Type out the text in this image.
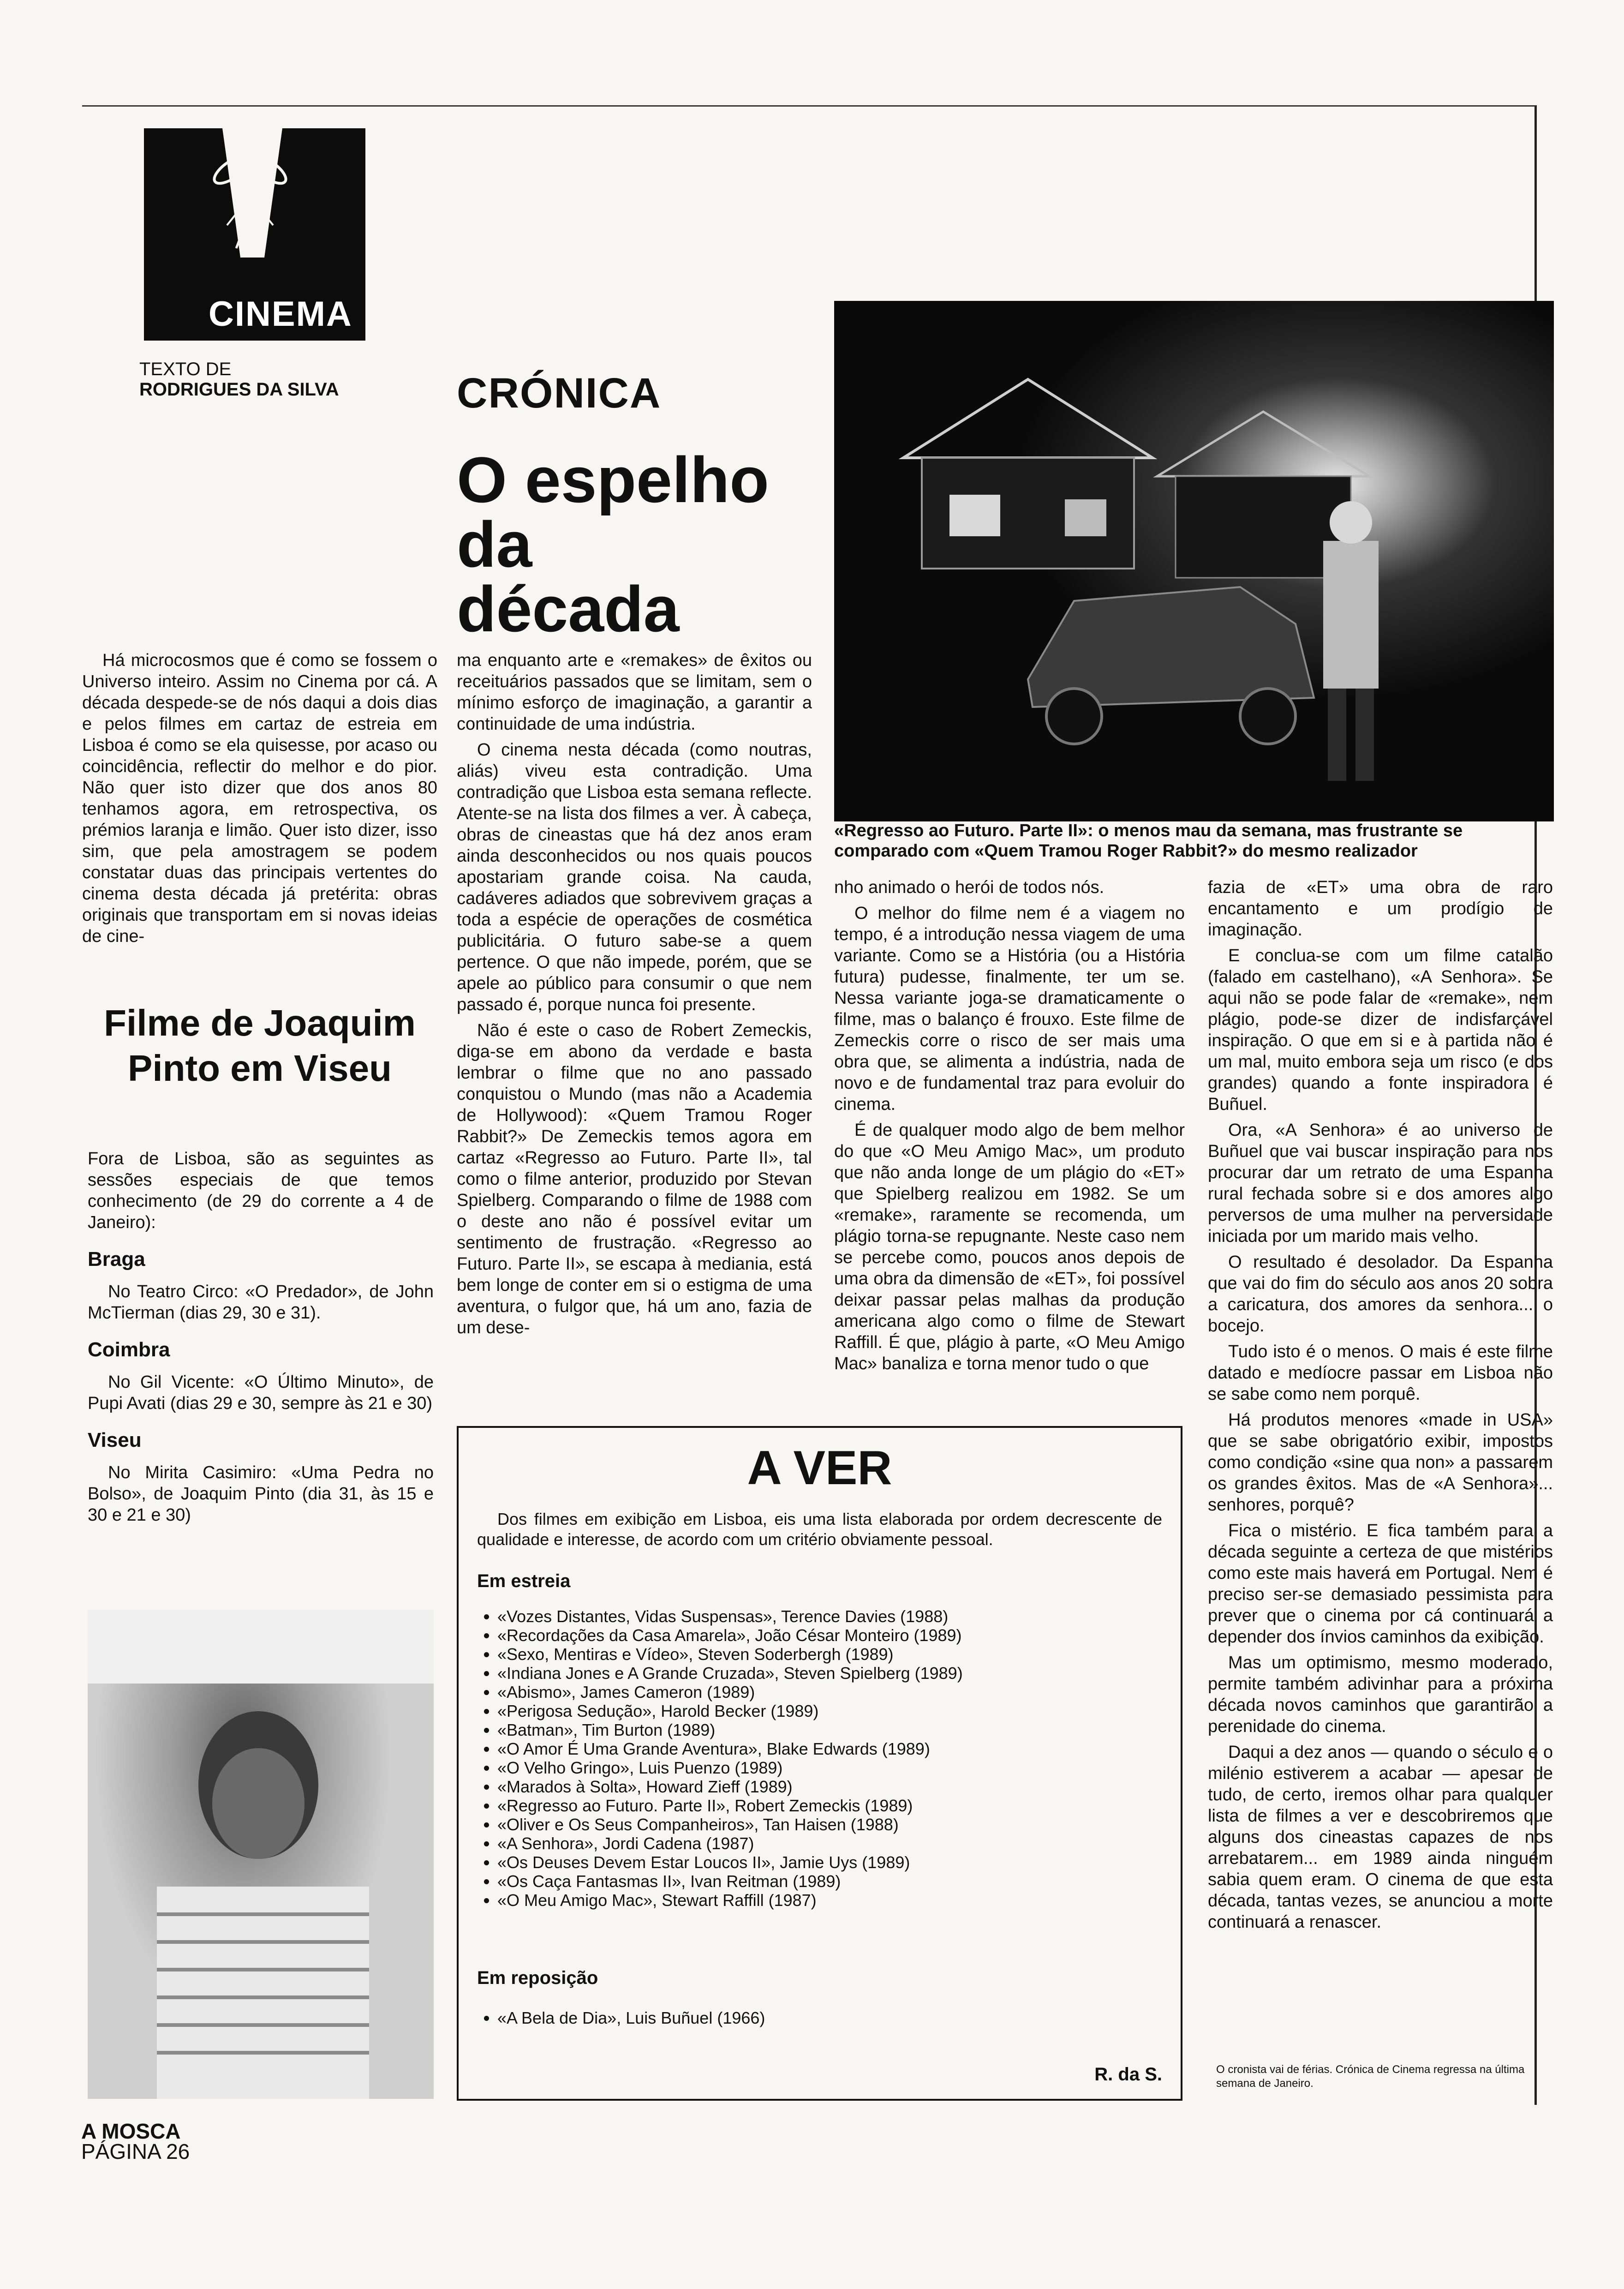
CINEMA
TEXTO DE
RODRIGUES DA SILVA	CRÓNICA
O espelho
da
década

Há microcosmos que é como se fossem o Universo inteiro. Assim no Cinema por cá. A década despede-se de nós daqui a dois dias e pelos filmes em cartaz de estreia em Lisboa é como se ela quisesse, por acaso ou coincidência, reflectir do melhor e do pior. Não quer isto dizer que dos anos 80 tenhamos agora, em retrospectiva, os prémios laranja e limão. Quer isto dizer, isso sim, que pela amostragem se podem constatar duas das principais vertentes do cinema desta década já pretérita: obras originais que transportam em si novas ideias de cine-

ma enquanto arte e «remakes» de êxitos ou receituários passados que se limitam, sem o mínimo esforço de imaginação, a garantir a continuidade de uma indústria.

O cinema nesta década (como noutras, aliás) viveu esta contradição. Uma contradição que Lisboa esta semana reflecte. Atente-se na lista dos filmes a ver. À cabeça, obras de cineastas que há dez anos eram ainda desconhecidos ou nos quais poucos apostariam grande coisa. Na cauda, cadáveres adiados que sobrevivem graças a toda a espécie de operações de cosmética publicitária. O futuro sabe-se a quem pertence. O que não impede, porém, que se apele ao público para consumir o que nem passado é, porque nunca foi presente.

Não é este o caso de Robert Zemeckis, diga-se em abono da verdade e basta lembrar o filme que no ano passado conquistou o Mundo (mas não a Academia de Hollywood): «Quem Tramou Roger Rabbit?» De Zemeckis temos agora em cartaz «Regresso ao Futuro. Parte II», tal como o filme anterior, produzido por Stevan Spielberg. Comparando o filme de 1988 com o deste ano não é possível evitar um sentimento de frustração. «Regresso ao Futuro. Parte II», se escapa à mediania, está bem longe de conter em si o estigma de uma aventura, o fulgor que, há um ano, fazia de um dese-

«Regresso ao Futuro. Parte II»: o menos mau da semana, mas frustrante se comparado com «Quem Tramou Roger Rabbit?» do mesmo realizador

nho animado o herói de todos nós.

O melhor do filme nem é a viagem no tempo, é a introdução nessa viagem de uma variante. Como se a História (ou a História futura) pudesse, finalmente, ter um se. Nessa variante joga-se dramaticamente o filme, mas o balanço é frouxo. Este filme de Zemeckis corre o risco de ser mais uma obra que, se alimenta a indústria, nada de novo e de fundamental traz para evoluir do cinema.

É de qualquer modo algo de bem melhor do que «O Meu Amigo Mac», um produto que não anda longe de um plágio do «ET» que Spielberg realizou em 1982. Se um «remake», raramente se recomenda, um plágio torna-se repugnante. Neste caso nem se percebe como, poucos anos depois de uma obra da dimensão de «ET», foi possível deixar passar pelas malhas da produção americana algo como o filme de Stewart Raffill. É que, plágio à parte, «O Meu Amigo Mac» banaliza e torna menor tudo o que

fazia de «ET» uma obra de raro encantamento e um prodígio de imaginação.

E conclua-se com um filme catalão (falado em castelhano), «A Senhora». Se aqui não se pode falar de «remake», nem plágio, pode-se dizer de indisfarçável inspiração. O que em si e à partida não é um mal, muito embora seja um risco (e dos grandes) quando a fonte inspiradora é Buñuel.

Ora, «A Senhora» é ao universo de Buñuel que vai buscar inspiração para nos procurar dar um retrato de uma Espanha rural fechada sobre si e dos amores algo perversos de uma mulher na perversidade iniciada por um marido mais velho.

O resultado é desolador. Da Espanha que vai do fim do século aos anos 20 sobra a caricatura, dos amores da senhora... o bocejo.

Tudo isto é o menos. O mais é este filme datado e medíocre passar em Lisboa não se sabe como nem porquê.

Há produtos menores «made in USA» que se sabe obrigatório exibir, impostos como condição «sine qua non» a passarem os grandes êxitos. Mas de «A Senhora»... senhores, porquê?

Fica o mistério. E fica também para a década seguinte a certeza de que mistérios como este mais haverá em Portugal. Nem é preciso ser-se demasiado pessimista para prever que o cinema por cá continuará a depender dos ínvios caminhos da exibição.

Mas um optimismo, mesmo moderado, permite também adivinhar para a próxima década novos caminhos que garantirão a perenidade do cinema.

Daqui a dez anos — quando o século e o milénio estiverem a acabar — apesar de tudo, de certo, iremos olhar para qualquer lista de filmes a ver e descobriremos que alguns dos cineastas capazes de nos arrebatarem... em 1989 ainda ninguém sabia quem eram. O cinema de que esta década, tantas vezes, se anunciou a morte continuará a renascer.

Filme de Joaquim Pinto em Viseu

Fora de Lisboa, são as seguintes as sessões especiais de que temos conhecimento (de 29 do corrente a 4 de Janeiro):

Braga

No Teatro Circo: «O Predador», de John McTierman (dias 29, 30 e 31).

Coimbra

No Gil Vicente: «O Último Minuto», de Pupi Avati (dias 29 e 30, sempre às 21 e 30)

Viseu

No Mirita Casimiro: «Uma Pedra no Bolso», de Joaquim Pinto (dia 31, às 15 e 30 e 21 e 30)

A VER
Dos filmes em exibição em Lisboa, eis uma lista elaborada por ordem decrescente de qualidade e interesse, de acordo com um critério obviamente pessoal.
Em estreia
• «Vozes Distantes, Vidas Suspensas», Terence Davies (1988)
• «Recordações da Casa Amarela», João César Monteiro (1989)
• «Sexo, Mentiras e Vídeo», Steven Soderbergh (1989)
• «Indiana Jones e A Grande Cruzada», Steven Spielberg (1989)
• «Abismo», James Cameron (1989)
• «Perigosa Sedução», Harold Becker (1989)
• «Batman», Tim Burton (1989)
• «O Amor É Uma Grande Aventura», Blake Edwards (1989)
• «O Velho Gringo», Luis Puenzo (1989)
• «Marados à Solta», Howard Zieff (1989)
• «Regresso ao Futuro. Parte II», Robert Zemeckis (1989)
• «Oliver e Os Seus Companheiros», Tan Haisen (1988)
• «A Senhora», Jordi Cadena (1987)
• «Os Deuses Devem Estar Loucos II», Jamie Uys (1989)
• «Os Caça Fantasmas II», Ivan Reitman (1989)
• «O Meu Amigo Mac», Stewart Raffill (1987)
Em reposição
• «A Bela de Dia», Luis Buñuel (1966)
R. da S.	O cronista vai de férias. Crónica de Cinema regressa na última semana de Janeiro.
A MOSCA
PÁGINA 26
